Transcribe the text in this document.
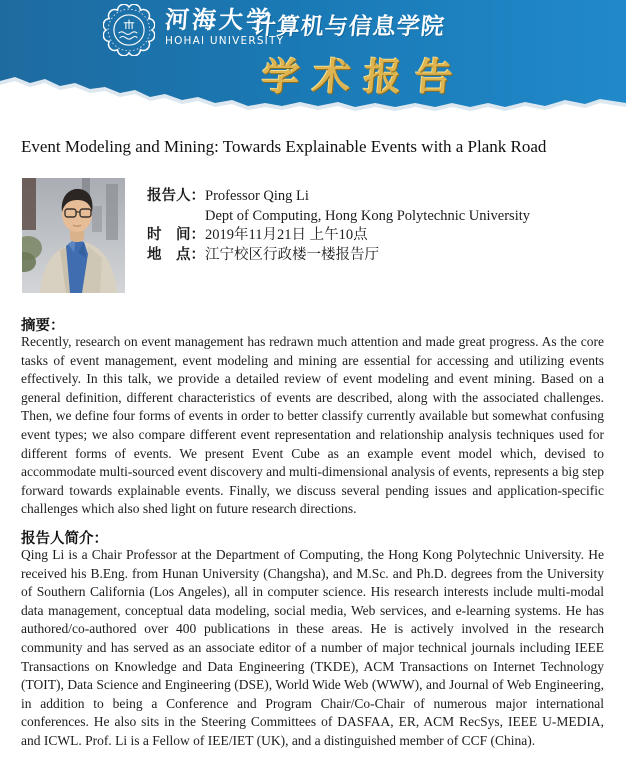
河海大学
HOHAI UNIVERSITY
计算机与信息学院
学术报告
Event Modeling and Mining: Towards Explainable Events with a Plank Road
报告人： Professor Qing Li
Dept of Computing, Hong Kong Polytechnic University
时　间： 2019年11月21日 上午10点
地　点： 江宁校区行政楼一楼报告厅
摘要：

Recently, research on event management has redrawn much attention and made great progress. As the core tasks of event management, event modeling and mining are essential for accessing and utilizing events effectively. In this talk, we provide a detailed review of event modeling and event mining. Based on a general definition, different characteristics of events are described, along with the associated challenges. Then, we define four forms of events in order to better classify currently available but somewhat confusing event types; we also compare different event representation and relationship analysis techniques used for different forms of events. We present Event Cube as an example event model which, devised to accommodate multi-sourced event discovery and multi-dimensional analysis of events, represents a big step forward towards explainable events. Finally, we discuss several pending issues and application-specific challenges which also shed light on future research directions.

报告人简介：

Qing Li is a Chair Professor at the Department of Computing, the Hong Kong Polytechnic University. He received his B.Eng. from Hunan University (Changsha), and M.Sc. and Ph.D. degrees from the University of Southern California (Los Angeles), all in computer science. His research interests include multi-modal data management, conceptual data modeling, social media, Web services, and e-learning systems. He has authored/co-authored over 400 publications in these areas. He is actively involved in the research community and has served as an associate editor of a number of major technical journals including IEEE Transactions on Knowledge and Data Engineering (TKDE), ACM Transactions on Internet Technology (TOIT), Data Science and Engineering (DSE), World Wide Web (WWW), and Journal of Web Engineering, in addition to being a Conference and Program Chair/Co-Chair of numerous major international conferences. He also sits in the Steering Committees of DASFAA, ER, ACM RecSys, IEEE U-MEDIA, and ICWL. Prof. Li is a Fellow of IEE/IET (UK), and a distinguished member of CCF (China).
